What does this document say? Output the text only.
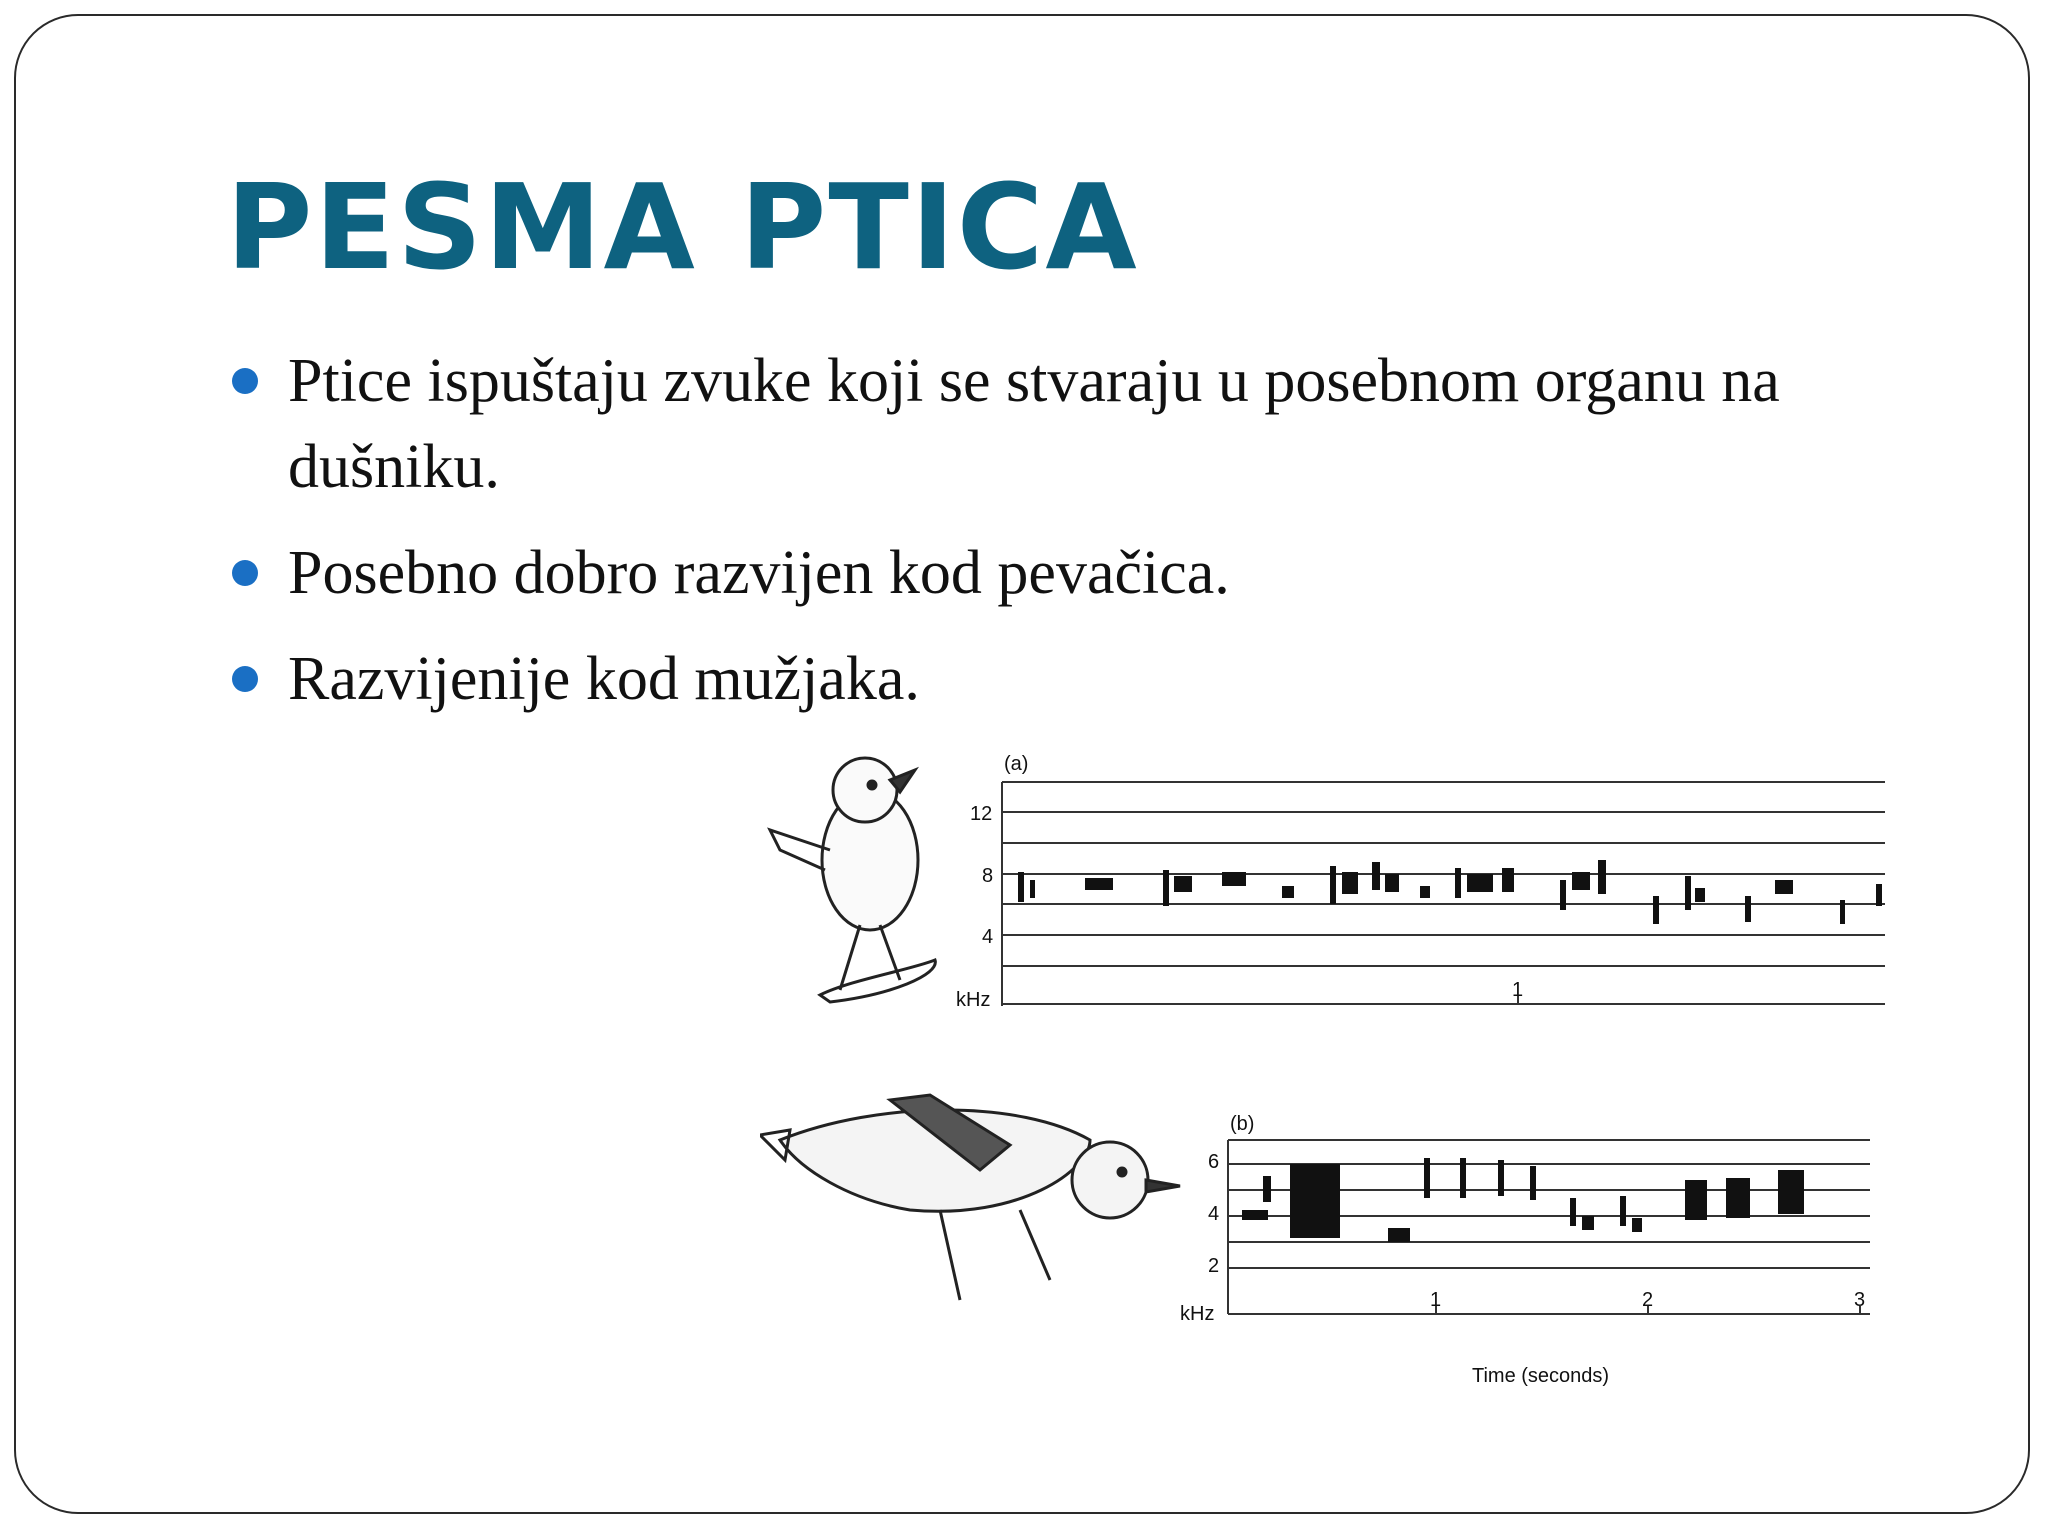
PESMA PTICA
Ptice ispuštaju zvuke koji se stvaraju u posebnom organu na dušniku.
Posebno dobro razvijen kod pevačica.
Razvijenije kod mužjaka.
(a)
12
8
4
kHz	1
(b)
6
4
2
kHz
1	2	3
Time (seconds)
